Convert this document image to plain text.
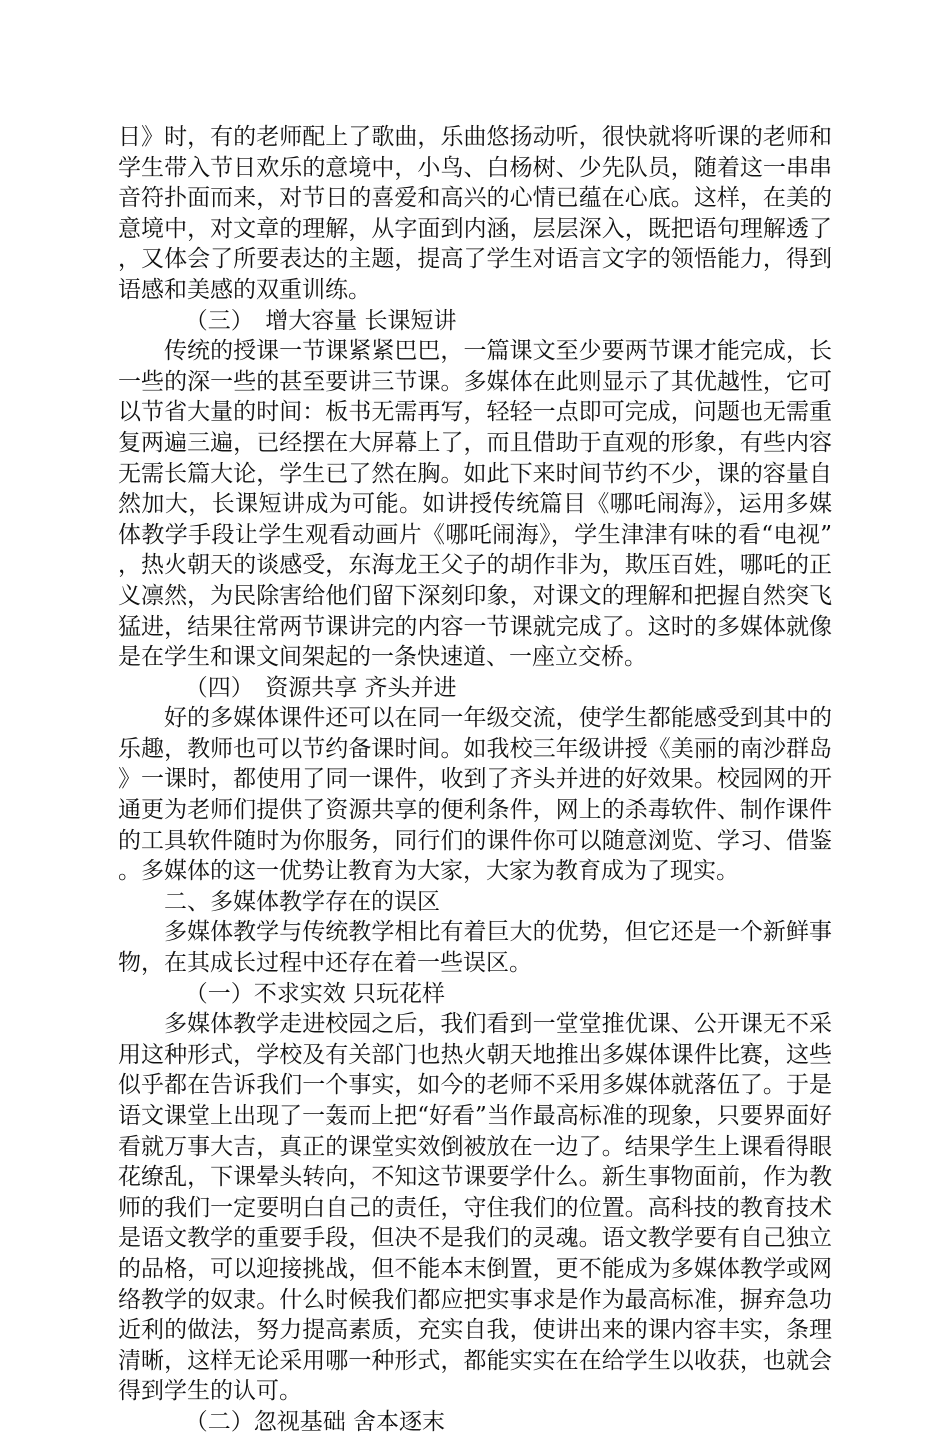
日》时，有的老师配上了歌曲，乐曲悠扬动听，很快就将听课的老师和学生带入节日欢乐的意境中，小鸟、白杨树、少先队员，随着这一串串音符扑面而来，对节日的喜爱和高兴的心情已蕴在心底。这样，在美的意境中，对文章的理解，从字面到内涵，层层深入，既把语句理解透了，又体会了所要表达的主题，提高了学生对语言文字的领悟能力，得到语感和美感的双重训练。

（三）　增大容量 长课短讲

传统的授课一节课紧紧巴巴，一篇课文至少要两节课才能完成，长一些的深一些的甚至要讲三节课。多媒体在此则显示了其优越性，它可以节省大量的时间：板书无需再写，轻轻一点即可完成，问题也无需重复两遍三遍，已经摆在大屏幕上了，而且借助于直观的形象，有些内容无需长篇大论，学生已了然在胸。如此下来时间节约不少，课的容量自然加大，长课短讲成为可能。如讲授传统篇目《哪吒闹海》，运用多媒体教学手段让学生观看动画片《哪吒闹海》，学生津津有味的看“电视”，热火朝天的谈感受，东海龙王父子的胡作非为，欺压百姓，哪吒的正义凛然，为民除害给他们留下深刻印象，对课文的理解和把握自然突飞猛进，结果往常两节课讲完的内容一节课就完成了。这时的多媒体就像是在学生和课文间架起的一条快速道、一座立交桥。

（四）　资源共享 齐头并进

好的多媒体课件还可以在同一年级交流，使学生都能感受到其中的乐趣，教师也可以节约备课时间。如我校三年级讲授《美丽的南沙群岛》一课时，都使用了同一课件，收到了齐头并进的好效果。校园网的开通更为老师们提供了资源共享的便利条件，网上的杀毒软件、制作课件的工具软件随时为你服务，同行们的课件你可以随意浏览、学习、借鉴。多媒体的这一优势让教育为大家，大家为教育成为了现实。

二、多媒体教学存在的误区

多媒体教学与传统教学相比有着巨大的优势，但它还是一个新鲜事物，在其成长过程中还存在着一些误区。

（一）不求实效 只玩花样

多媒体教学走进校园之后，我们看到一堂堂推优课、公开课无不采用这种形式，学校及有关部门也热火朝天地推出多媒体课件比赛，这些似乎都在告诉我们一个事实，如今的老师不采用多媒体就落伍了。于是语文课堂上出现了一轰而上把“好看”当作最高标准的现象，只要界面好看就万事大吉，真正的课堂实效倒被放在一边了。结果学生上课看得眼花缭乱，下课晕头转向，不知这节课要学什么。新生事物面前，作为教师的我们一定要明白自己的责任，守住我们的位置。高科技的教育技术是语文教学的重要手段，但决不是我们的灵魂。语文教学要有自己独立的品格，可以迎接挑战，但不能本末倒置，更不能成为多媒体教学或网络教学的奴隶。什么时候我们都应把实事求是作为最高标准，摒弃急功近利的做法，努力提高素质，充实自我，使讲出来的课内容丰实，条理清晰，这样无论采用哪一种形式，都能实实在在给学生以收获，也就会得到学生的认可。

（二）忽视基础 舍本逐末
